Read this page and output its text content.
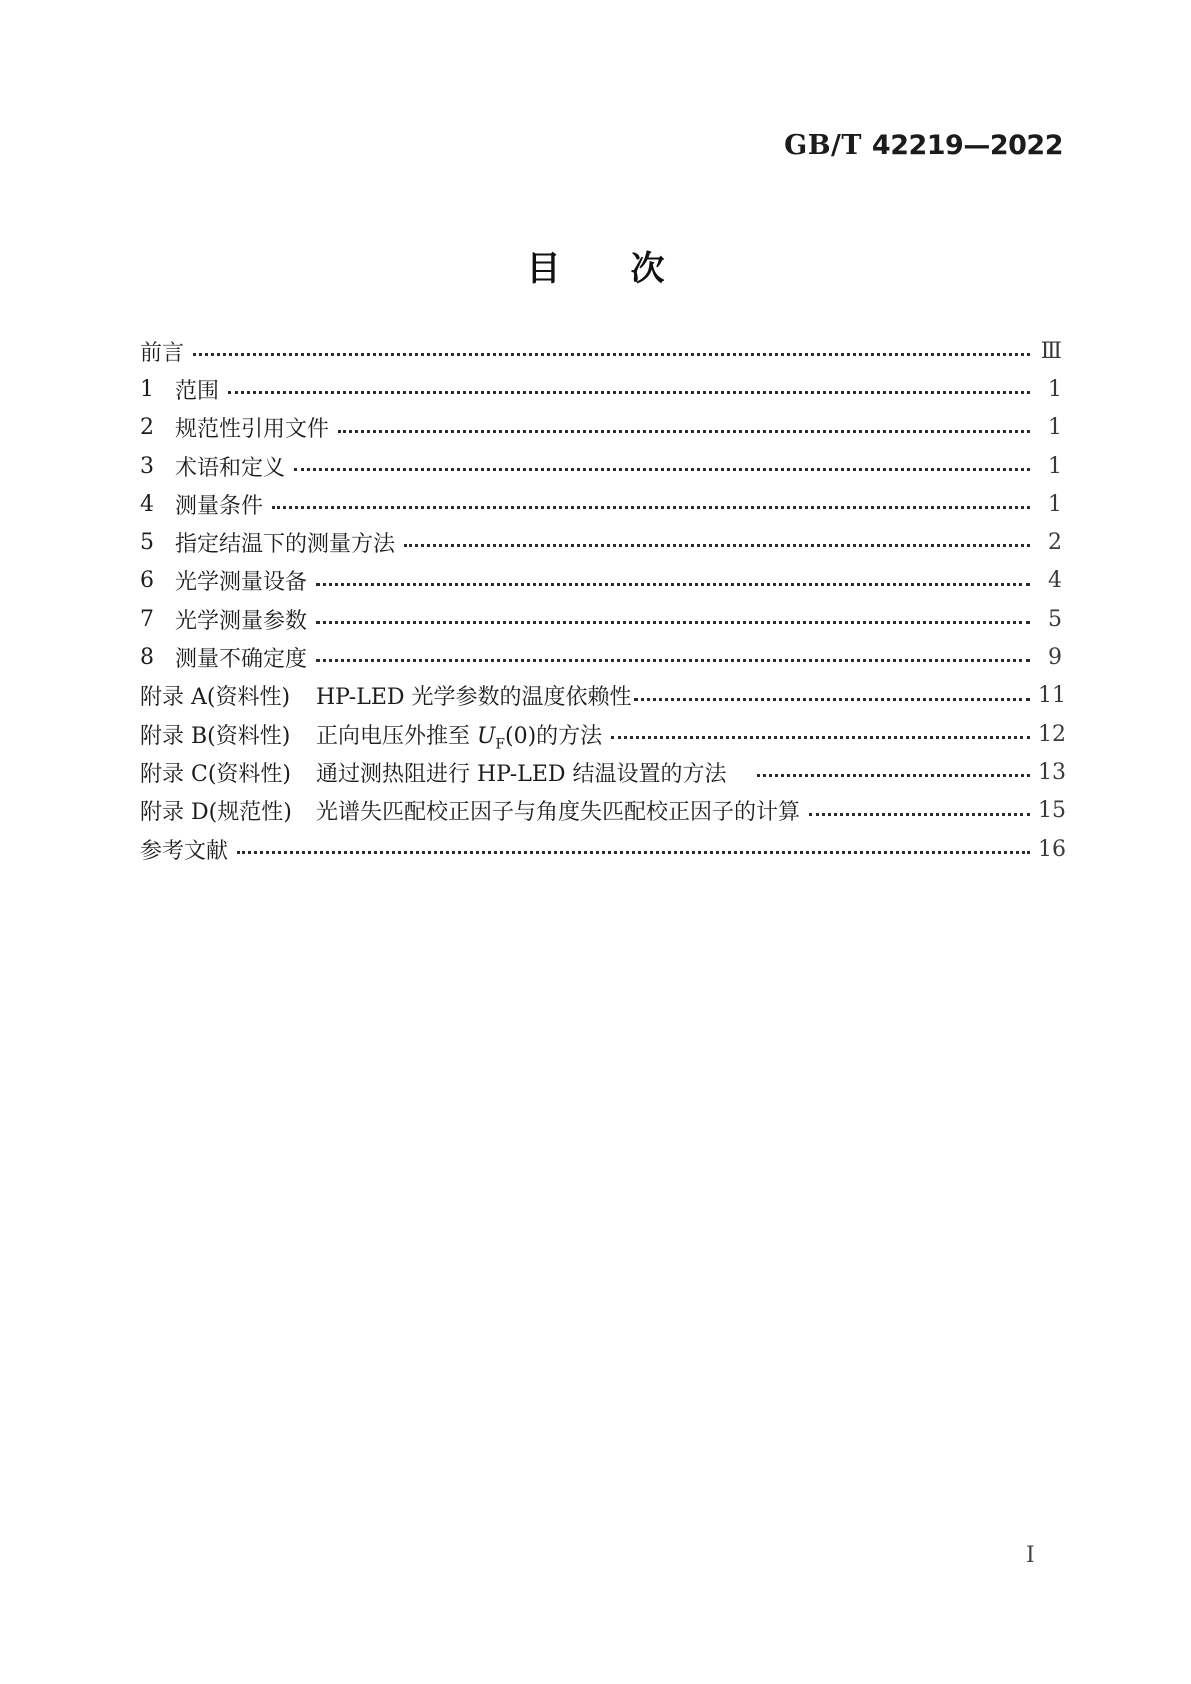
GB/T 42219—2022
目 次
前言	Ⅲ
1 范围	1
2 规范性引用文件	1
3 术语和定义	1
4 测量条件	1
5 指定结温下的测量方法	2
6 光学测量设备	4
7 光学测量参数	5
8 测量不确定度	9
附录 A(资料性)	HP-LED 光学参数的温度依赖性	11
附录 B(资料性)	正向电压外推至 $U_F(0)$的方法	12
附录 C(资料性)	通过测热阻进行 HP-LED 结温设置的方法	13
附录 D(规范性)	光谱失匹配校正因子与角度失匹配校正因子的计算	15
参考文献	16
Ⅰ
